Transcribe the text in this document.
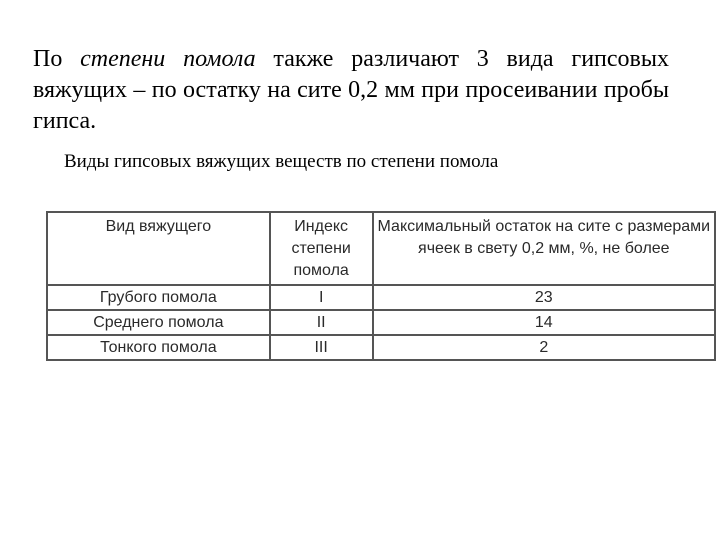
По степени помола также различают 3 вида гипсовых вяжущих – по остатку на сите 0,2 мм при просеивании пробы гипса.

Виды гипсовых вяжущих веществ по степени помола

Вид вяжущего	Индекс степени помола	Максимальный остаток на сите с размерами ячеек в свету 0,2 мм, %, не более
Грубого помола	I	23
Среднего помола	II	14
Тонкого помола	III	2
